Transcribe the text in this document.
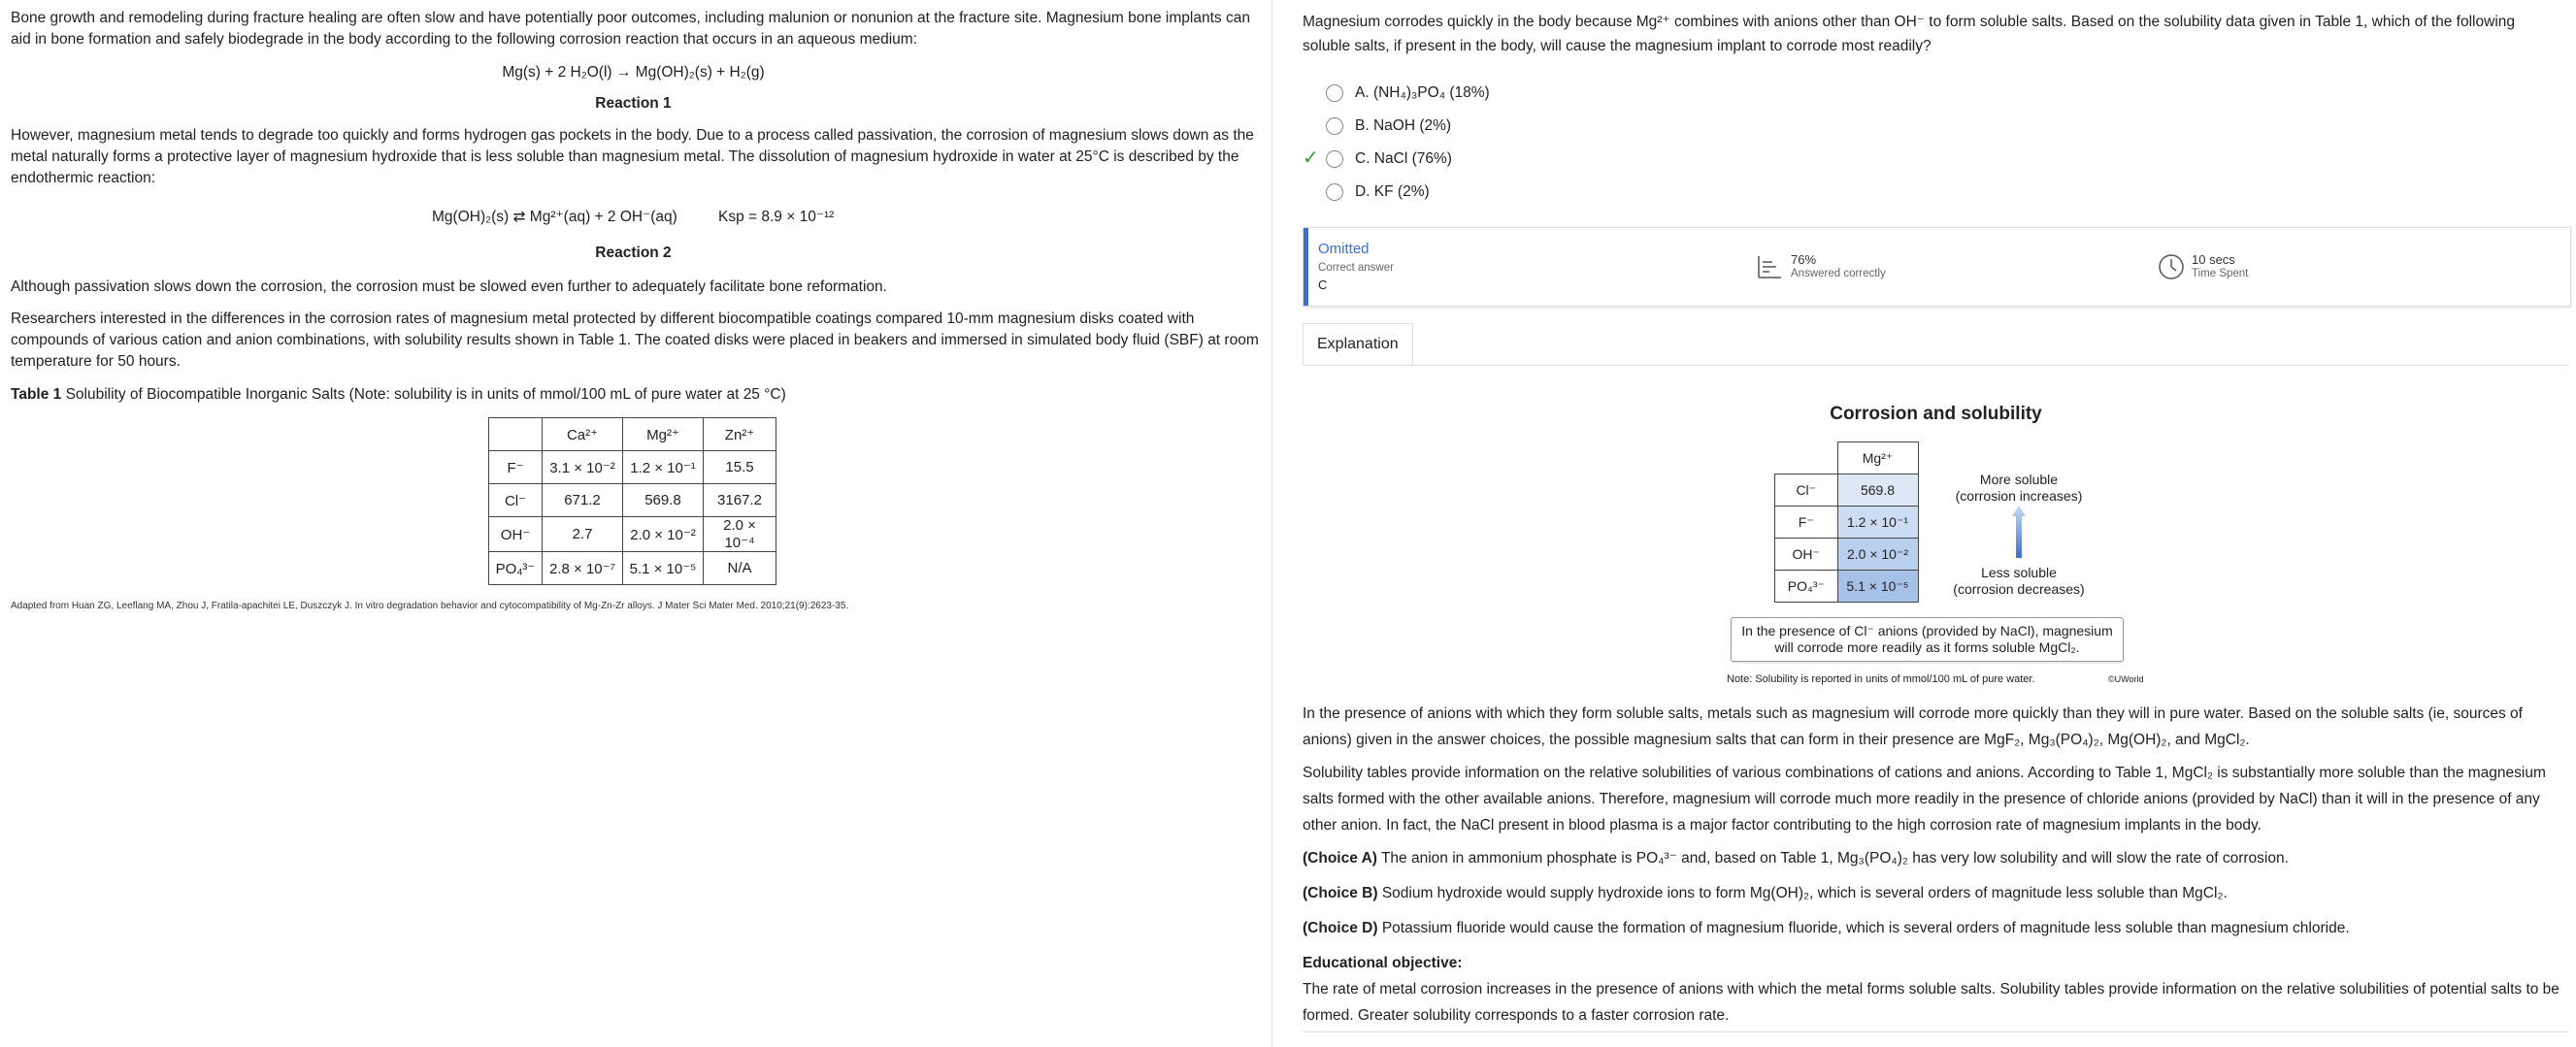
Bone growth and remodeling during fracture healing are often slow and have potentially poor outcomes, including malunion or nonunion at the fracture site. Magnesium bone implants can aid in bone formation and safely biodegrade in the body according to the following corrosion reaction that occurs in an aqueous medium:

Mg(s) + 2 H₂O(l) → Mg(OH)₂(s) + H₂(g)

Reaction 1

However, magnesium metal tends to degrade too quickly and forms hydrogen gas pockets in the body. Due to a process called passivation, the corrosion of magnesium slows down as the metal naturally forms a protective layer of magnesium hydroxide that is less soluble than magnesium metal. The dissolution of magnesium hydroxide in water at 25°C is described by the endothermic reaction:

Mg(OH)₂(s) ⇄ Mg²⁺(aq) + 2 OH⁻(aq)	Ksp = 8.9 × 10⁻¹²

Reaction 2

Although passivation slows down the corrosion, the corrosion must be slowed even further to adequately facilitate bone reformation.

Researchers interested in the differences in the corrosion rates of magnesium metal protected by different biocompatible coatings compared 10-mm magnesium disks coated with compounds of various cation and anion combinations, with solubility results shown in Table 1. The coated disks were placed in beakers and immersed in simulated body fluid (SBF) at room temperature for 50 hours.

Table 1 Solubility of Biocompatible Inorganic Salts (Note: solubility is in units of mmol/100 mL of pure water at 25 °C)

	Ca²⁺	Mg²⁺	Zn²⁺
F⁻	3.1 × 10⁻²	1.2 × 10⁻¹	15.5
Cl⁻	671.2	569.8	3167.2
OH⁻	2.7	2.0 × 10⁻²	2.0 × 10⁻⁴
PO₄³⁻	2.8 × 10⁻⁷	5.1 × 10⁻⁵	N/A

Adapted from Huan ZG, Leeflang MA, Zhou J, Fratila-apachitei LE, Duszczyk J. In vitro degradation behavior and cytocompatibility of Mg-Zn-Zr alloys. J Mater Sci Mater Med. 2010;21(9):2623-35.

Magnesium corrodes quickly in the body because Mg²⁺ combines with anions other than OH⁻ to form soluble salts. Based on the solubility data given in Table 1, which of the following soluble salts, if present in the body, will cause the magnesium implant to corrode most readily?

✓
A. (NH₄)₃PO₄ (18%)
B. NaOH (2%)
C. NaCl (76%)
D. KF (2%)
Omitted
Correct answer
C
76%
Answered correctly
10 secs
Time Spent
Explanation
Corrosion and solubility
	Mg²⁺
Cl⁻	569.8
F⁻	1.2 × 10⁻¹
OH⁻	2.0 × 10⁻²
PO₄³⁻	5.1 × 10⁻⁵
More soluble
(corrosion increases)
Less soluble
(corrosion decreases)
In the presence of Cl⁻ anions (provided by NaCl), magnesium will corrode more readily as it forms soluble MgCl₂.
Note: Solubility is reported in units of mmol/100 mL of pure water.	©UWorld

In the presence of anions with which they form soluble salts, metals such as magnesium will corrode more quickly than they will in pure water. Based on the soluble salts (ie, sources of anions) given in the answer choices, the possible magnesium salts that can form in their presence are MgF₂, Mg₃(PO₄)₂, Mg(OH)₂, and MgCl₂.

Solubility tables provide information on the relative solubilities of various combinations of cations and anions. According to Table 1, MgCl₂ is substantially more soluble than the magnesium salts formed with the other available anions. Therefore, magnesium will corrode much more readily in the presence of chloride anions (provided by NaCl) than it will in the presence of any other anion. In fact, the NaCl present in blood plasma is a major factor contributing to the high corrosion rate of magnesium implants in the body.

(Choice A) The anion in ammonium phosphate is PO₄³⁻ and, based on Table 1, Mg₃(PO₄)₂ has very low solubility and will slow the rate of corrosion.

(Choice B) Sodium hydroxide would supply hydroxide ions to form Mg(OH)₂, which is several orders of magnitude less soluble than MgCl₂.

(Choice D) Potassium fluoride would cause the formation of magnesium fluoride, which is several orders of magnitude less soluble than magnesium chloride.

Educational objective:

The rate of metal corrosion increases in the presence of anions with which the metal forms soluble salts. Solubility tables provide information on the relative solubilities of potential salts to be formed. Greater solubility corresponds to a faster corrosion rate.
